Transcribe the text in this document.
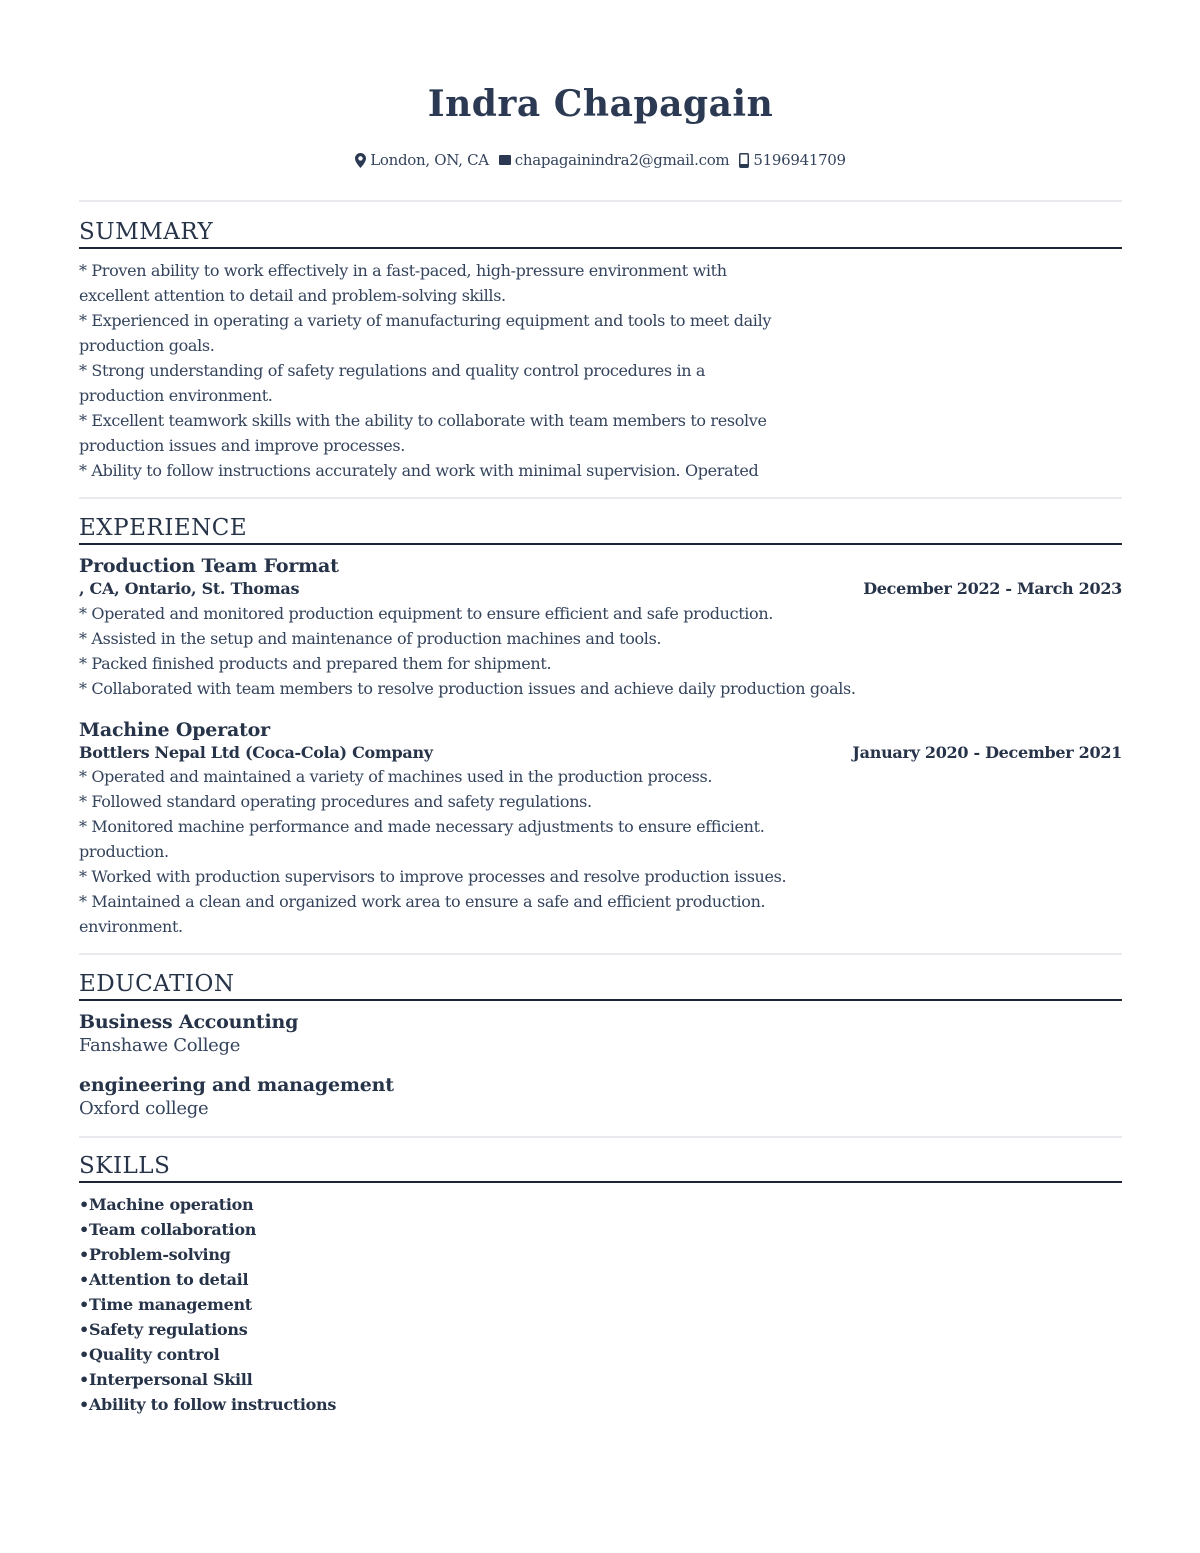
Indra Chapagain
London, ON, CA chapagainindra2@gmail.com 5196941709
SUMMARY
* Proven ability to work effectively in a fast-paced, high-pressure environment with
excellent attention to detail and problem-solving skills.
* Experienced in operating a variety of manufacturing equipment and tools to meet daily
production goals.
* Strong understanding of safety regulations and quality control procedures in a
production environment.
* Excellent teamwork skills with the ability to collaborate with team members to resolve
production issues and improve processes.
* Ability to follow instructions accurately and work with minimal supervision. Operated
EXPERIENCE
Production Team Format
, CA, Ontario, St. Thomas	December 2022 - March 2023
* Operated and monitored production equipment to ensure efficient and safe production.
* Assisted in the setup and maintenance of production machines and tools.
* Packed finished products and prepared them for shipment.
* Collaborated with team members to resolve production issues and achieve daily production goals.
Machine Operator
Bottlers Nepal Ltd (Coca-Cola) Company	January 2020 - December 2021
* Operated and maintained a variety of machines used in the production process.
* Followed standard operating procedures and safety regulations.
* Monitored machine performance and made necessary adjustments to ensure efficient.
production.
* Worked with production supervisors to improve processes and resolve production issues.
* Maintained a clean and organized work area to ensure a safe and efficient production.
environment.
EDUCATION
Business Accounting
Fanshawe College
engineering and management
Oxford college
SKILLS
• Machine operation
• Team collaboration
• Problem-solving
• Attention to detail
• Time management
• Safety regulations
• Quality control
• Interpersonal Skill
• Ability to follow instructions
